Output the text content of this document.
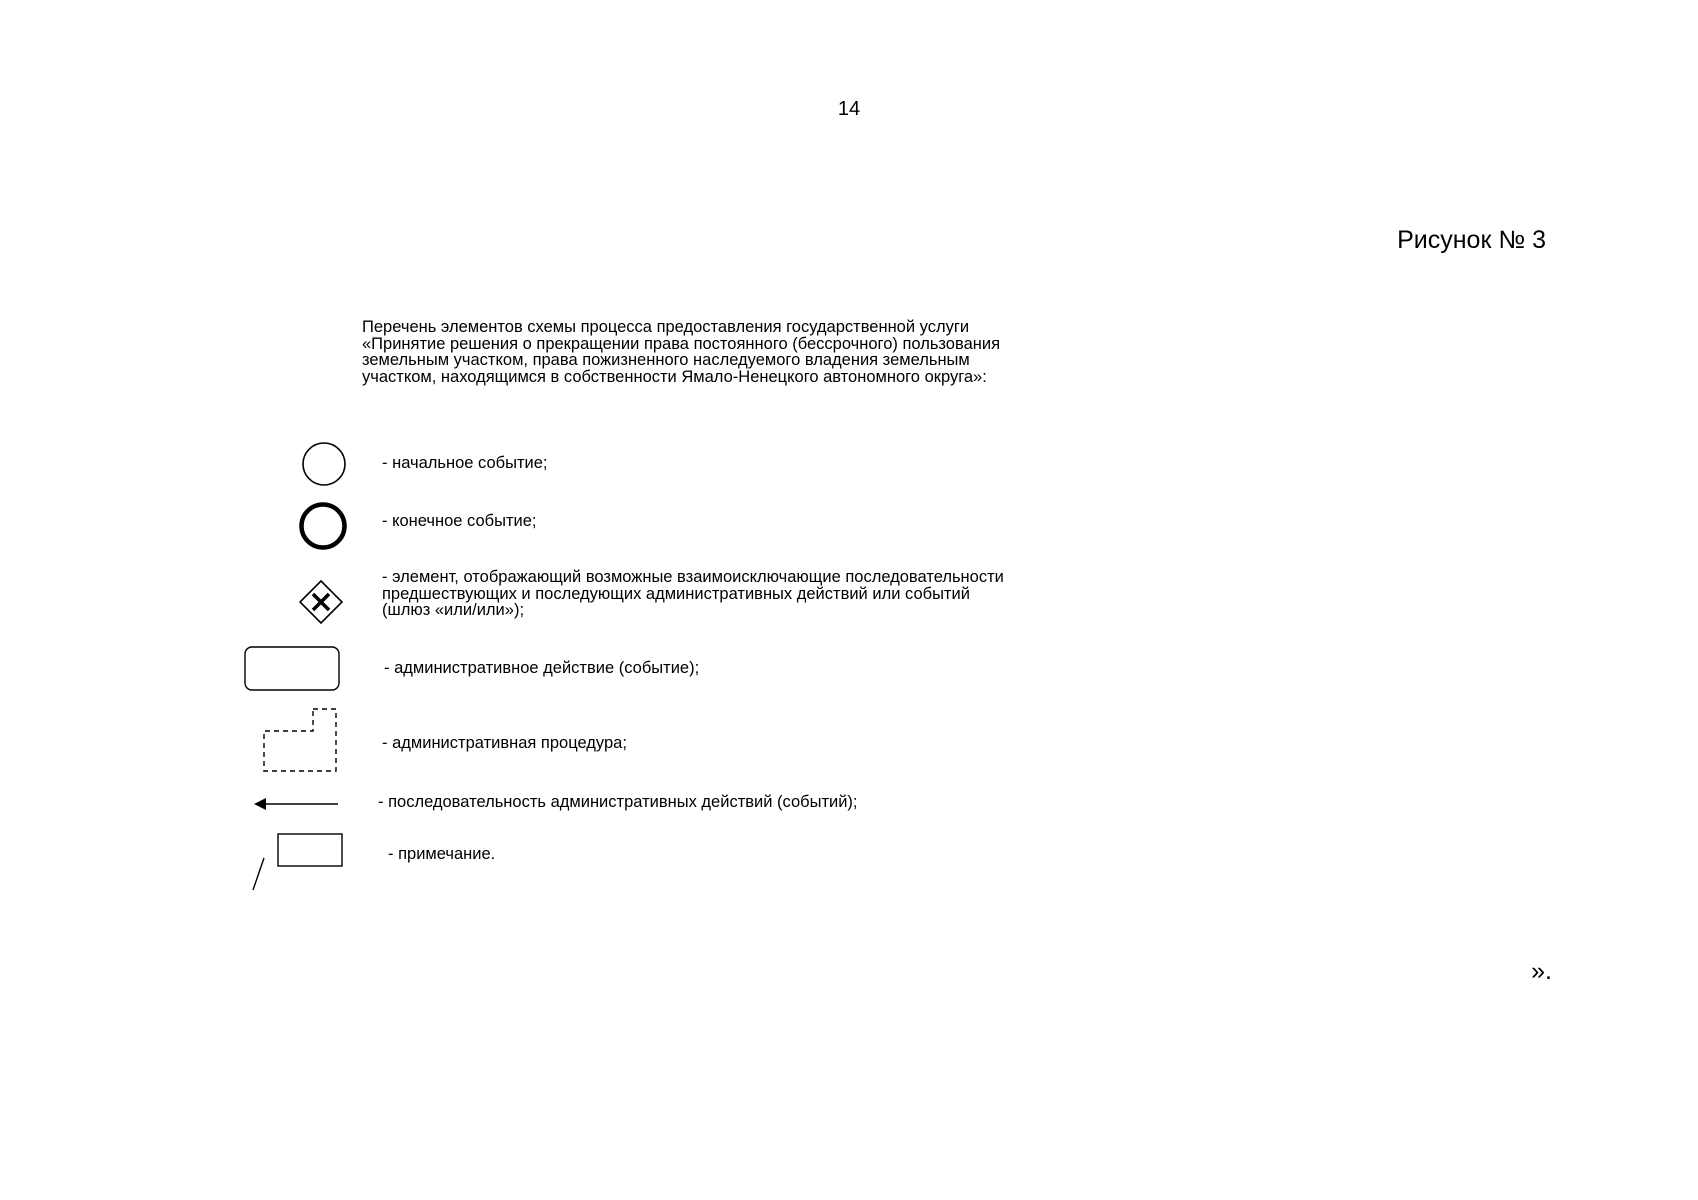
14
Рисунок № 3
Перечень элементов схемы процесса предоставления государственной услуги
«Принятие решения о прекращении права постоянного (бессрочного) пользования
земельным участком, права пожизненного наследуемого владения земельным
участком, находящимся в собственности Ямало-Ненецкого автономного округа»:
- начальное событие;
- конечное событие;
- элемент, отображающий возможные взаимоисключающие последовательности
предшествующих и последующих административных действий или событий
(шлюз «или/или»);
- административное действие (событие);
- административная процедура;
- последовательность административных действий (событий);
- примечание.
».
